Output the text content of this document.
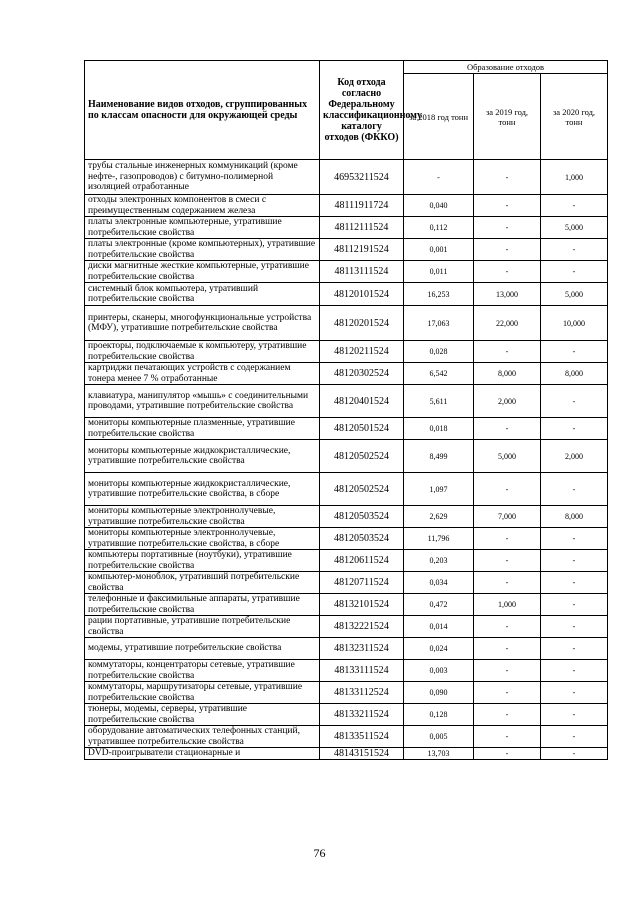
Наименование видов отходов, сгруппированных по классам опасности для окружающей среды	Код отхода согласно Федеральному классификационному каталогу отходов (ФККО)	Образование отходов		
		за 2018 год тонн	за 2019 год, тонн	за 2020 год, тонн
трубы стальные инженерных коммуникаций (кроме нефте-, газопроводов) с битумно-полимерной изоляцией отработанные	46953211524	-	-	1,000
отходы электронных компонентов в смеси с преимущественным содержанием железа	48111911724	0,040	-	-
платы электронные компьютерные, утратившие потребительские свойства	48112111524	0,112	-	5,000
платы электронные (кроме компьютерных), утратившие потребительские свойства	48112191524	0,001	-	-
диски магнитные жесткие компьютерные, утратившие потребительские свойства	48113111524	0,011	-	-
системный блок компьютера, утративший потребительские свойства	48120101524	16,253	13,000	5,000
принтеры, сканеры, многофункциональные устройства (МФУ), утратившие потребительские свойства	48120201524	17,063	22,000	10,000
проекторы, подключаемые к компьютеру, утратившие потребительские свойства	48120211524	0,028	-	-
картриджи печатающих устройств с содержанием тонера менее 7 % отработанные	48120302524	6,542	8,000	8,000
клавиатура, манипулятор «мышь» с соединительными проводами, утратившие потребительские свойства	48120401524	5,611	2,000	-
мониторы компьютерные плазменные, утратившие потребительские свойства	48120501524	0,018	-	-
мониторы компьютерные жидкокристаллические, утратившие потребительские свойства	48120502524	8,499	5,000	2,000
мониторы компьютерные жидкокристаллические, утратившие потребительские свойства, в сборе	48120502524	1,097	-	-
мониторы компьютерные электроннолучевые, утратившие потребительские свойства	48120503524	2,629	7,000	8,000
мониторы компьютерные электроннолучевые, утратившие потребительские свойства, в сборе	48120503524	11,796	-	-
компьютеры портативные (ноутбуки), утратившие потребительские свойства	48120611524	0,203	-	-
компьютер-моноблок, утративший потребительские свойства	48120711524	0,034	-	-
телефонные и факсимильные аппараты, утратившие потребительские свойства	48132101524	0,472	1,000	-
рации портативные, утратившие потребительские свойства	48132221524	0,014	-	-
модемы, утратившие потребительские свойства	48132311524	0,024	-	-
коммутаторы, концентраторы сетевые, утратившие потребительские свойства	48133111524	0,003	-	-
коммутаторы, маршрутизаторы сетевые, утратившие потребительские свойства	48133112524	0,090	-	-
тюнеры, модемы, серверы, утратившие потребительские свойства	48133211524	0,128	-	-
оборудование автоматических телефонных станций, утратившее потребительские свойства	48133511524	0,005	-	-
DVD-проигрыватели стационарные и	48143151524	13,703	-	-
76
